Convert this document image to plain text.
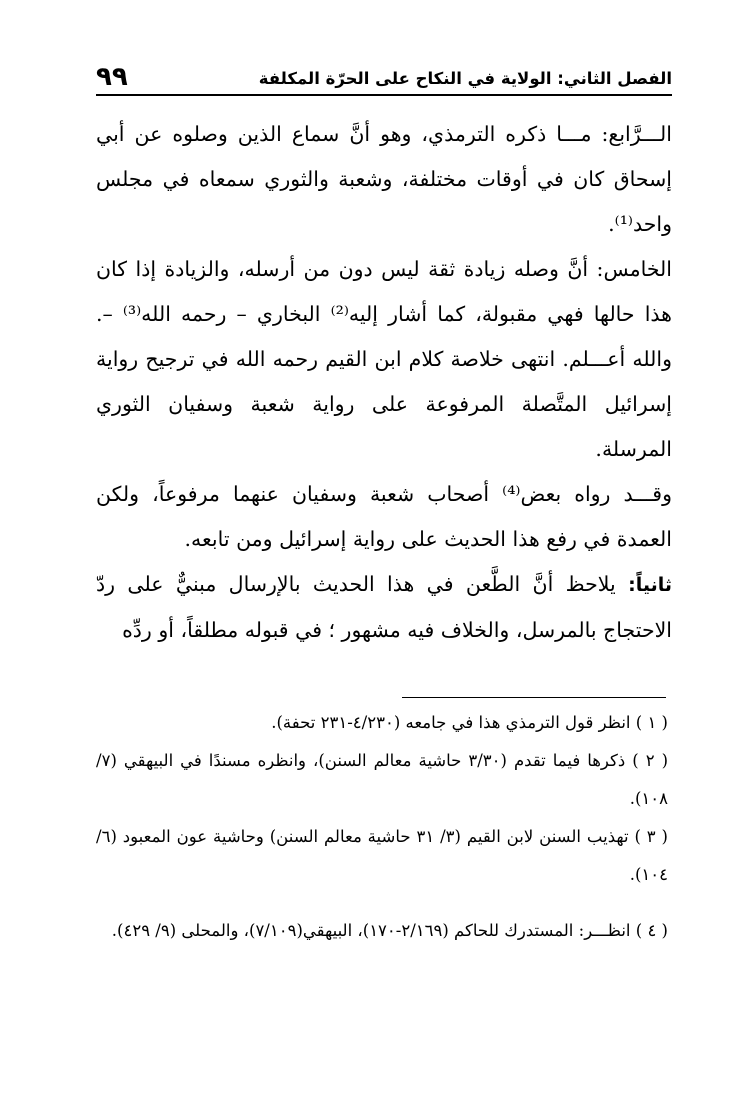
الفصل الثاني: الولاية في النكاح على الحرّة المكلفة
٩٩

الـــرَّابع: مـــا ذكره الترمذي، وهو أنَّ سماع الذين وصلوه عن أبي إسحاق كان في أوقات مختلفة، وشعبة والثوري سمعاه في مجلس واحد⁽¹⁾.

الخامس: أنَّ وصله زيادة ثقة ليس دون من أرسله، والزيادة إذا كان هذا حالها فهي مقبولة، كما أشار إليه⁽²⁾ البخاري – رحمه الله⁽³⁾ –. والله أعـــلم. انتهى خلاصة كلام ابن القيم رحمه الله في ترجيح رواية إسرائيل المتَّصلة المرفوعة على رواية شعبة وسفيان الثوري المرسلة.

وقـــد رواه بعض⁽⁴⁾ أصحاب شعبة وسفيان عنهما مرفوعاً، ولكن العمدة في رفع هذا الحديث على رواية إسرائيل ومن تابعه.

ثانياً: يلاحظ أنَّ الطَّعن في هذا الحديث بالإرسال مبنيٌّ على ردّ الاحتجاج بالمرسل، والخلاف فيه مشهور ؛ في قبوله مطلقاً، أو ردِّه

( ١ ) انظر قول الترمذي هذا في جامعه (٤/٢٣٠-٢٣١ تحفة).

( ٢ ) ذكرها فيما تقدم (٣/٣٠ حاشية معالم السنن)، وانظره مسندًا في البيهقي (٧/ ١٠٨).

( ٣ ) تهذيب السنن لابن القيم (٣/ ٣١ حاشية معالم السنن) وحاشية عون المعبود (٦/ ١٠٤).

( ٤ ) انظـــر: المستدرك للحاكم (٢/١٦٩-١٧٠)، البيهقي(٧/١٠٩)، والمحلى (٩/ ٤٢٩).
